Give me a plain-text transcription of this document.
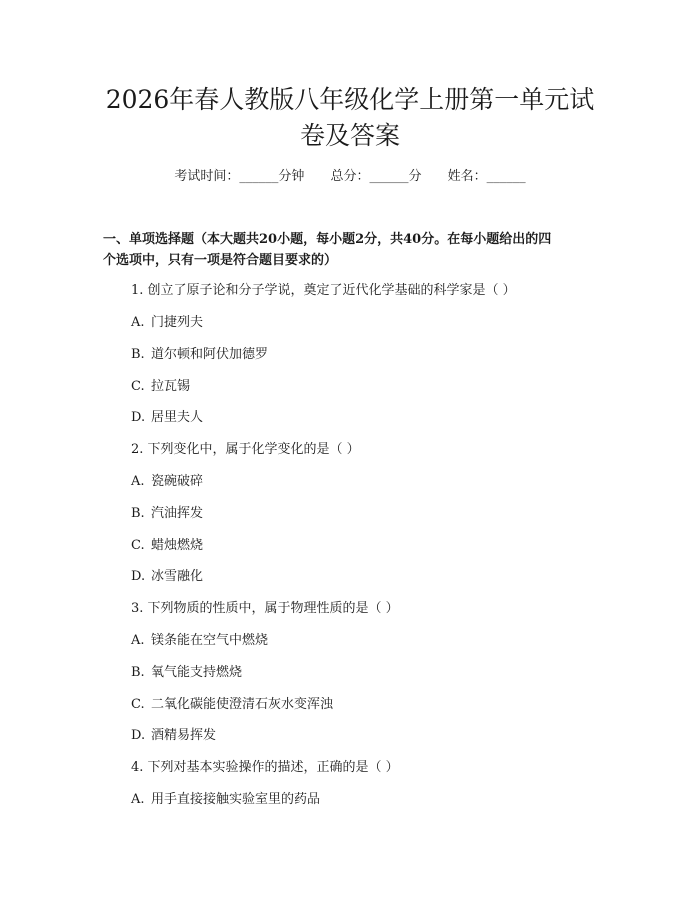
2026年春人教版八年级化学上册第一单元试
卷及答案
考试时间：______分钟 总分：______分 姓名：______
一、单项选择题（本大题共20小题，每小题2分，共40分。在每小题给出的四
个选项中，只有一项是符合题目要求的）
1. 创立了原子论和分子学说，奠定了近代化学基础的科学家是（ ）
A. 门捷列夫
B. 道尔顿和阿伏加德罗
C. 拉瓦锡
D. 居里夫人
2. 下列变化中，属于化学变化的是（ ）
A. 瓷碗破碎
B. 汽油挥发
C. 蜡烛燃烧
D. 冰雪融化
3. 下列物质的性质中，属于物理性质的是（ ）
A. 镁条能在空气中燃烧
B. 氧气能支持燃烧
C. 二氧化碳能使澄清石灰水变浑浊
D. 酒精易挥发
4. 下列对基本实验操作的描述，正确的是（ ）
A. 用手直接接触实验室里的药品
